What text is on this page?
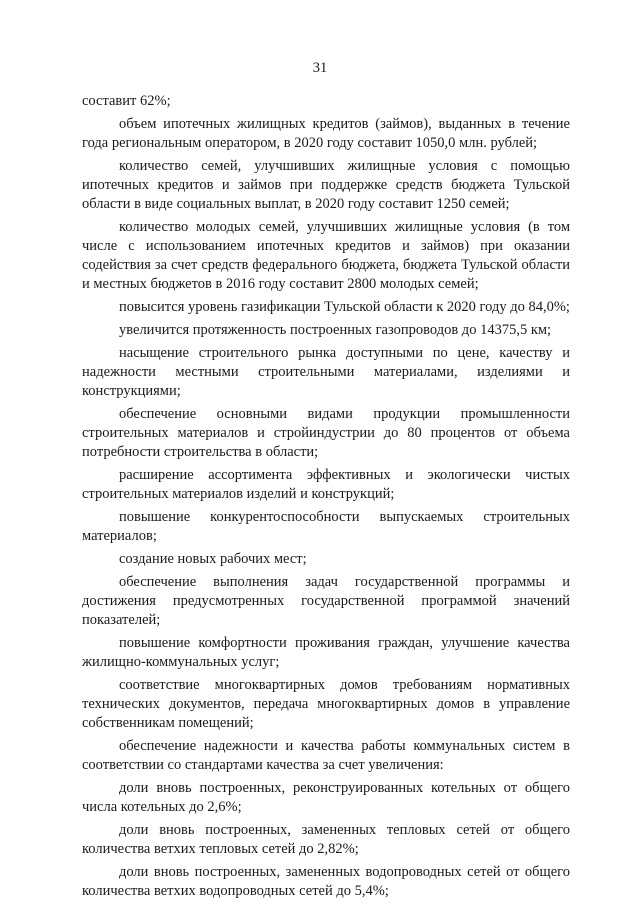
31

составит 62%;

объем ипотечных жилищных кредитов (займов), выданных в течение года региональным оператором, в 2020 году составит 1050,0 млн. рублей;

количество семей, улучшивших жилищные условия с помощью ипотечных кредитов и займов при поддержке средств бюджета Тульской области в виде социальных выплат, в 2020 году составит 1250 семей;

количество молодых семей, улучшивших жилищные условия (в том числе с использованием ипотечных кредитов и займов) при оказании содействия за счет средств федерального бюджета, бюджета Тульской области и местных бюджетов в 2016 году составит 2800 молодых семей;

повысится уровень газификации Тульской области к 2020 году до 84,0%;

увеличится протяженность построенных газопроводов до 14375,5 км;

насыщение строительного рынка доступными по цене, качеству и надежности местными строительными материалами, изделиями и конструкциями;

обеспечение основными видами продукции промышленности строительных материалов и стройиндустрии до 80 процентов от объема потребности строительства в области;

расширение ассортимента эффективных и экологически чистых строительных материалов изделий и конструкций;

повышение конкурентоспособности выпускаемых строительных материалов;

создание новых рабочих мест;

обеспечение выполнения задач государственной программы и достижения предусмотренных государственной программой значений показателей;

повышение комфортности проживания граждан, улучшение качества жилищно-коммунальных услуг;

соответствие многоквартирных домов требованиям нормативных технических документов, передача многоквартирных домов в управление собственникам помещений;

обеспечение надежности и качества работы коммунальных систем в соответствии со стандартами качества за счет увеличения:

доли вновь построенных, реконструированных котельных от общего числа котельных до 2,6%;

доли вновь построенных, замененных тепловых сетей от общего количества ветхих тепловых сетей до 2,82%;

доли вновь построенных, замененных водопроводных сетей от общего количества ветхих водопроводных сетей до 5,4%;
